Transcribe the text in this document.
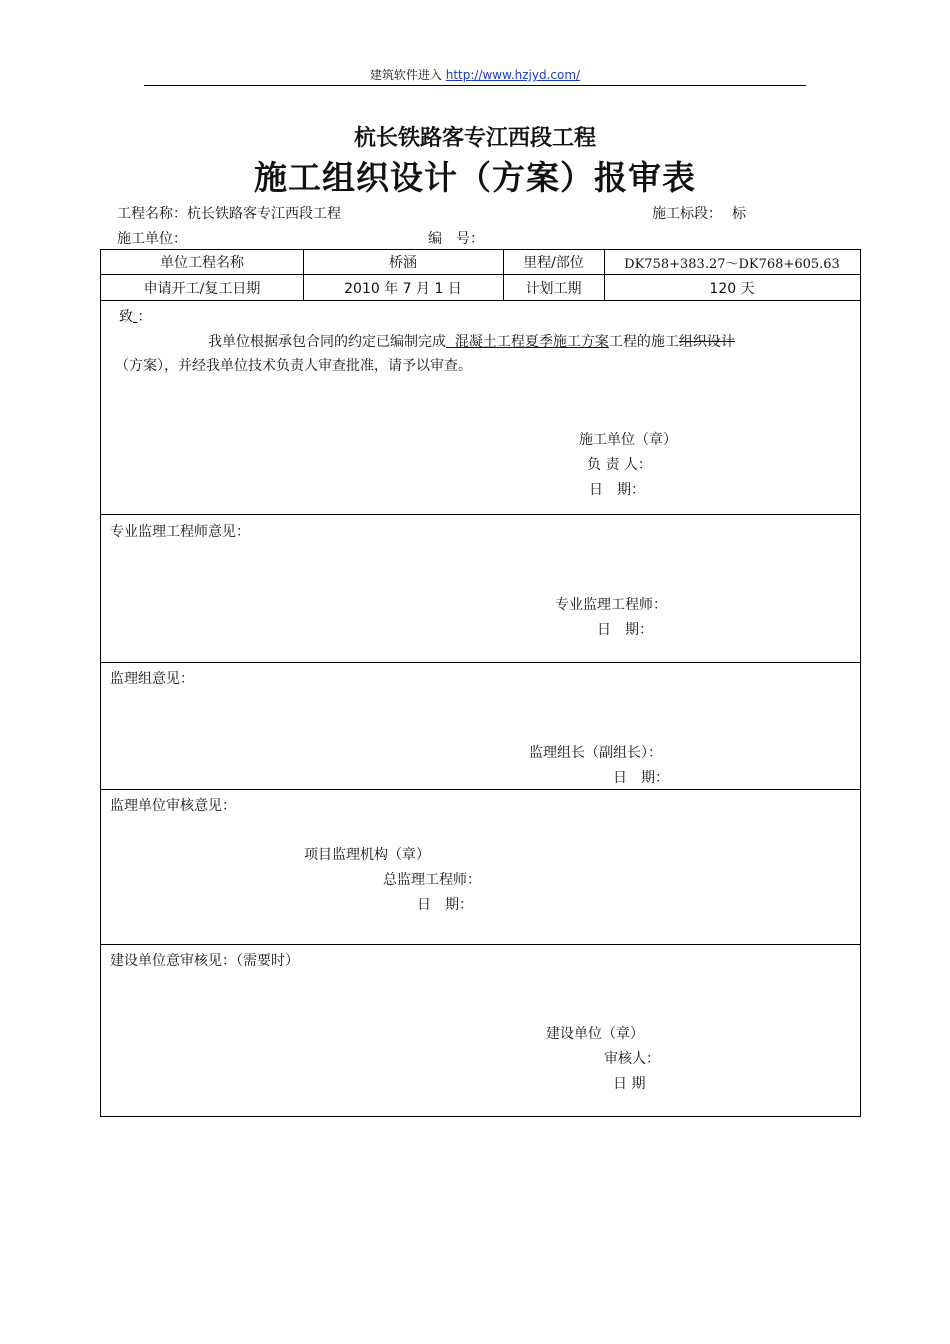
建筑软件进入 http://www.hzjyd.com/
杭长铁路客专江西段工程
施工组织设计（方案）报审表
工程名称：杭长铁路客专江西段工程	施工标段： 标
施工单位：	编　号：
单位工程名称	桥涵	里程/部位	DK758+383.27～DK768+605.63
申请开工/复工日期	2010 年 7 月 1 日	计划工期	120 天
致 ：
我单位根据承包合同的约定已编制完成 混凝土工程夏季施工方案工程的施工组织设计
（方案），并经我单位技术负责人审查批准，请予以审查。
施工单位（章）
负 责 人：
日　期：
专业监理工程师意见：
专业监理工程师：
日　期：
监理组意见：
监理组长（副组长）：
日　期：
监理单位审核意见：
项目监理机构（章）
总监理工程师：
日　期：
建设单位意审核见：（需要时）
建设单位（章）
审核人：
日 期
